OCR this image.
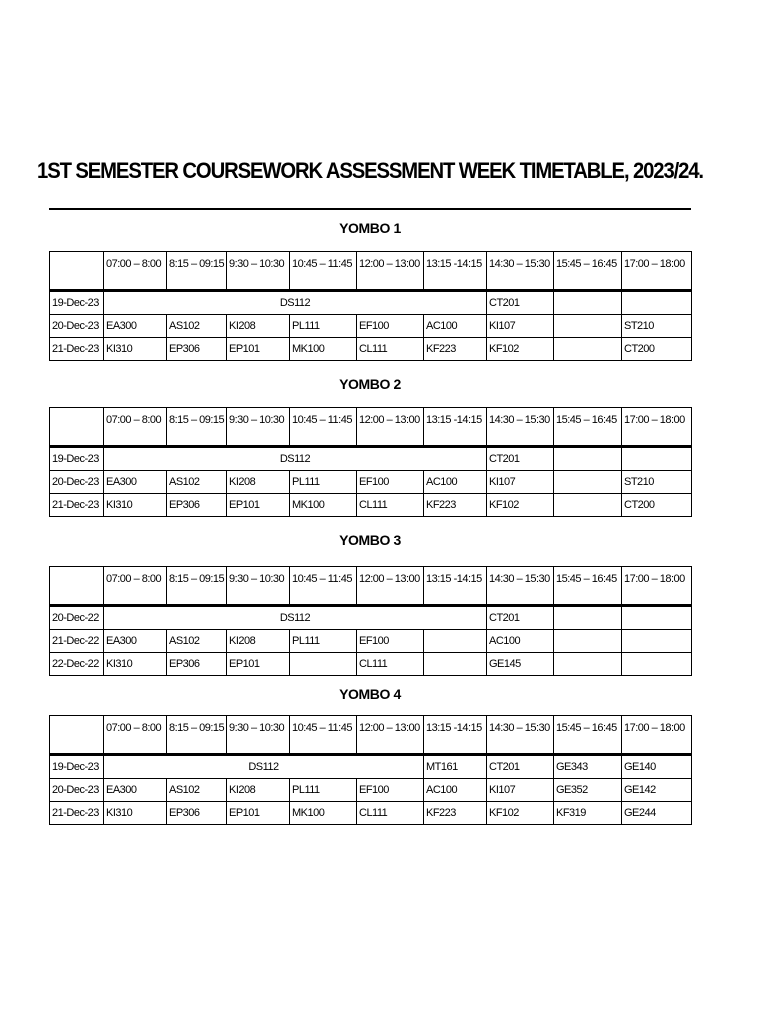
1ST SEMESTER COURSEWORK ASSESSMENT WEEK TIMETABLE, 2023/24.
YOMBO 1
	07:00 – 8:00	8:15 – 09:15	9:30 – 10:30	10:45 – 11:45	12:00 – 13:00	13:15 -14:15	14:30 – 15:30	15:45 – 16:45	17:00 – 18:00
19-Dec-23	DS112						CT201		
20-Dec-23	EA300	AS102	KI208	PL111	EF100	AC100	KI107		ST210
21-Dec-23	KI310	EP306	EP101	MK100	CL111	KF223	KF102		CT200
YOMBO 2
	07:00 – 8:00	8:15 – 09:15	9:30 – 10:30	10:45 – 11:45	12:00 – 13:00	13:15 -14:15	14:30 – 15:30	15:45 – 16:45	17:00 – 18:00
19-Dec-23	DS112						CT201		
20-Dec-23	EA300	AS102	KI208	PL111	EF100	AC100	KI107		ST210
21-Dec-23	KI310	EP306	EP101	MK100	CL111	KF223	KF102		CT200
YOMBO 3
	07:00 – 8:00	8:15 – 09:15	9:30 – 10:30	10:45 – 11:45	12:00 – 13:00	13:15 -14:15	14:30 – 15:30	15:45 – 16:45	17:00 – 18:00
20-Dec-22	DS112						CT201		
21-Dec-22	EA300	AS102	KI208	PL111	EF100		AC100		
22-Dec-22	KI310	EP306	EP101		CL111		GE145		
YOMBO 4
	07:00 – 8:00	8:15 – 09:15	9:30 – 10:30	10:45 – 11:45	12:00 – 13:00	13:15 -14:15	14:30 – 15:30	15:45 – 16:45	17:00 – 18:00
19-Dec-23	DS112					MT161	CT201	GE343	GE140
20-Dec-23	EA300	AS102	KI208	PL111	EF100	AC100	KI107	GE352	GE142
21-Dec-23	KI310	EP306	EP101	MK100	CL111	KF223	KF102	KF319	GE244
